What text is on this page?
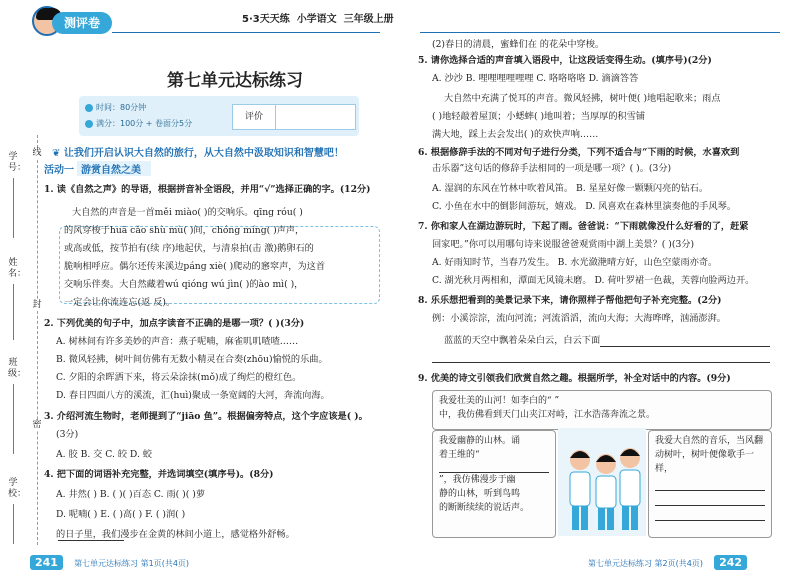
测评卷	5·3天天练 小学语文 三年级上册
第七单元达标练习
时间：80分钟
满分：100分 + 卷面分5分
评价
学号：
姓名：
班级：
学校：
线
封
密
❦ 让我们开启认识大自然的旅行，从大自然中汲取知识和智慧吧！
活动一 游赏自然之美
1. 读《自然之声》的导语，根据拼音补全语段，并用“√”选择正确的字。(12分)
大自然的声音是一首měi miào( )的交响乐。qīng róu( )
的风穿梭于huā cǎo shù mù( )间，chóng míng( )声声，
或高或低，按节拍有(续 序)地起伏，与清泉拍(击 激)鹅卵石的
脆响相呼应。偶尔还传来溪边páng xiè( )爬动的窸窣声，为这首
交响乐伴奏。大自然藏着wú qióng wú jìn( )的ào mì( )，
一定会让你流连忘(返 反)。
2. 下列优美的句子中，加点字读音不正确的是哪一项？( )(3分)
A. 树林间有许多美妙的声音：燕子呢喃，麻雀叽叽喳喳……
B. 微风轻拂，树叶间仿佛有无数小精灵在合奏(zhōu)愉悦的乐曲。
C. 夕阳的余晖洒下来，将云朵涂抹(mǒ)成了绚烂的橙红色。
D. 春日四面八方的溪流，汇(huì)聚成一条宽阔的大河，奔流向海。
3. 介绍河流生物时，老师提到了“jiāo 鱼”。根据偏旁特点，这个字应该是( )。
(3分)
A. 胶 B. 交 C. 皎 D. 蛟
4. 把下面的词语补充完整，并选词填空(填序号)。(8分)
A. 井然( ) B. ( )( )百态 C. 雨( )( )萝
D. 呢喃( ) E. ( )高( ) F. ( )润( )
的日子里，我们漫步在金黄的林间小道上，感觉格外舒畅。
(2)春日的清晨，蜜蜂们在 的花朵中穿梭。
5. 请你选择合适的声音填入语段中，让这段话变得生动。(填序号)(2分)
A. 沙沙 B. 哩哩哩哩哩哩 C. 咯咯咯咯 D. 滴滴答答
大自然中充满了悦耳的声音。微风轻拂，树叶便( )地唱起歌来；雨点
( )地轻敲着屋顶；小蟋蟀( )地叫着；当厚厚的积雪铺
满大地，踩上去会发出( )的欢快声响……
6. 根据修辞手法的不同对句子进行分类，下列不适合与“下雨的时候，水喜欢到
击乐器”这句话的修辞手法相同的一项是哪一项？( )。(3分)
A. 湿润的东风在竹林中吹着风笛。 B. 星星好像一颗颗闪亮的钻石。
C. 小鱼在水中的倒影间游玩，嬉戏。 D. 风喜欢在森林里演奏他的手风琴。
7. 你和家人在湖边游玩时，下起了雨。爸爸说：“下雨就像没什么好看的了，赶紧
回家吧。”你可以用哪句诗来说服爸爸观赏雨中湖上美景？( )(3分)
A. 好雨知时节，当春乃发生。 B. 水光潋滟晴方好，山色空蒙雨亦奇。
C. 湖光秋月两相和，潭面无风镜未磨。 D. 荷叶罗裙一色裁，芙蓉向脸两边开。
8. 乐乐想把看到的美景记录下来，请你照样子帮他把句子补充完整。(2分)
例：小溪淙淙，流向河流；河流滔滔，流向大海；大海哗哗，汹涌澎湃。
蓝蓝的天空中飘着朵朵白云，白云下面
9. 优美的诗文引领我们欣赏自然之趣。根据所学，补全对话中的内容。(9分)
我爱壮美的山河！如李白的“ ”
中，我仿佛看到天门山夹江对峙，江水浩荡奔流之景。
我爱幽静的山林。诵
着王维的“
”，我仿佛漫步于幽
静的山林，听到鸟鸣
的断断续续的说话声。
我爱大自然的音乐，当风翻
动树叶，树叶便像歌手一样，
241 第七单元达标练习 第1页(共4页)	第七单元达标练习 第2页(共4页) 242
